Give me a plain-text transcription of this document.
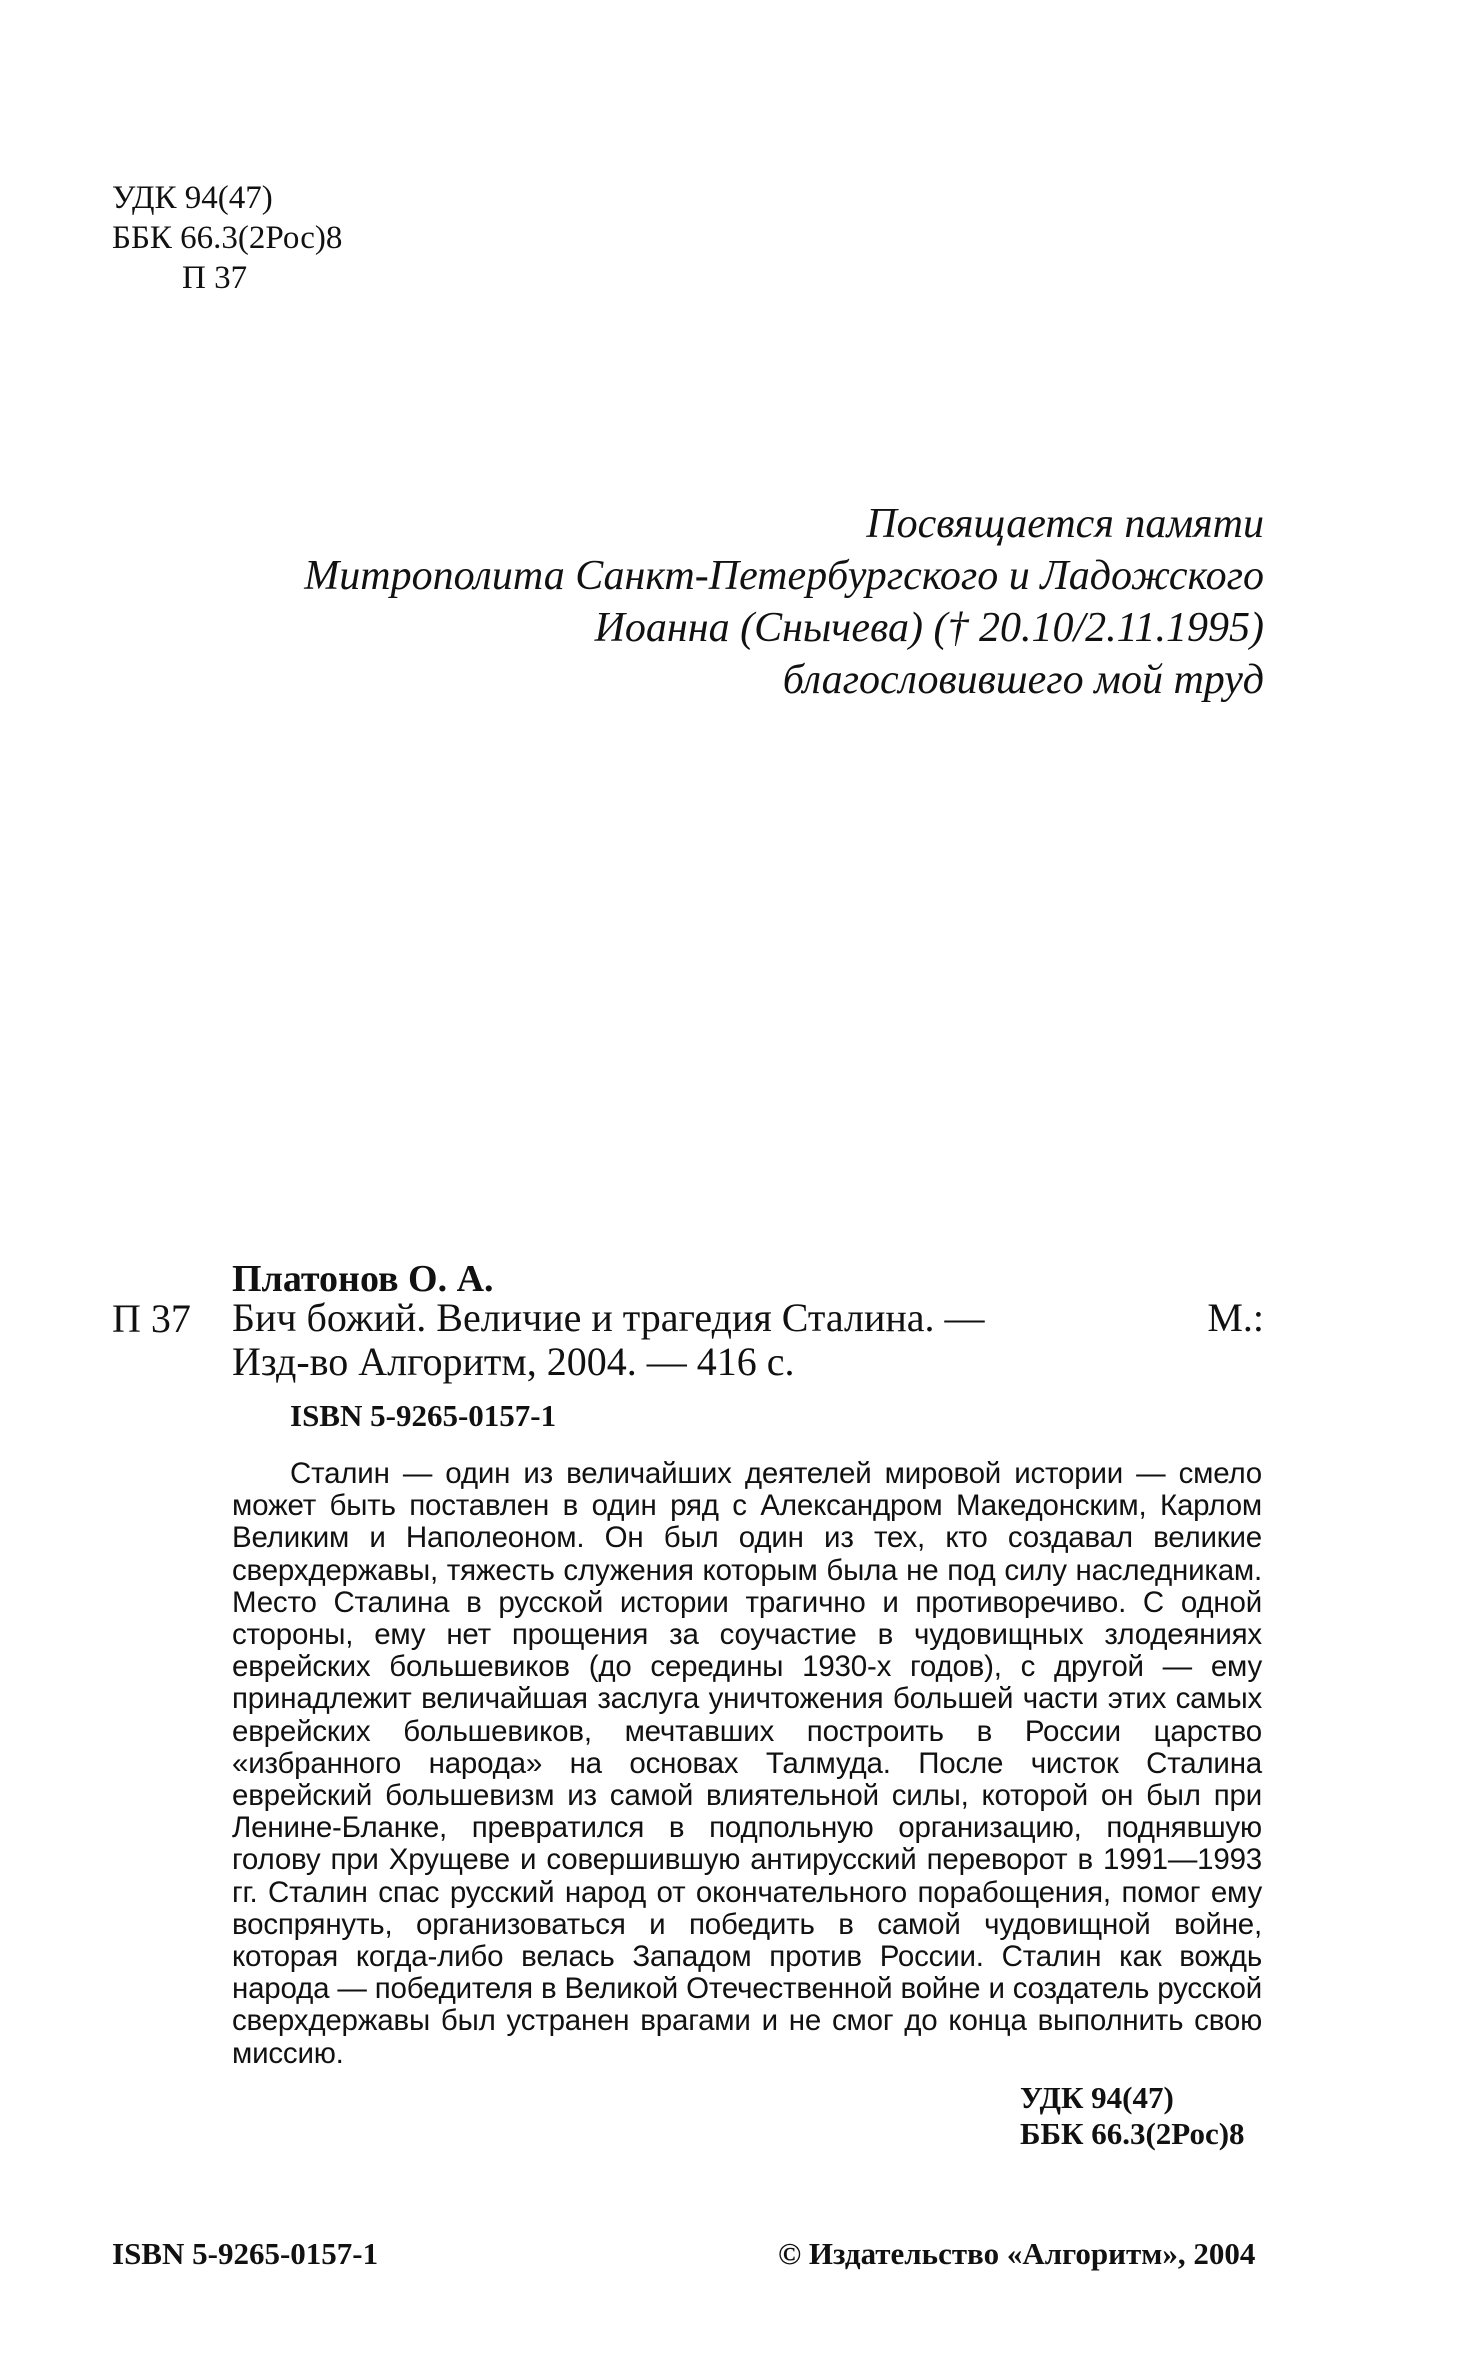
УДК 94(47)
ББК 66.3(2Рос)8
П 37
Посвящается памяти
Митрополита Санкт-Петербургского и Ладожского
Иоанна (Снычева) († 20.10/2.11.1995)
благословившего мой труд
Платонов О. А.
П 37 Бич божий. Величие и трагедия Сталина. —	М.:
Изд-во Алгоритм, 2004. — 416 с.
ISBN 5-9265-0157-1
Сталин — один из величайших деятелей мировой истории — смело может быть поставлен в один ряд с Александром Македонским, Карлом Великим и Наполеоном. Он был один из тех, кто создавал великие сверхдержавы, тяжесть служения которым была не под силу наследникам. Место Сталина в русской истории трагично и противоречиво. С одной стороны, ему нет прощения за соучастие в чудовищных злодеяниях еврейских большевиков (до середины 1930-х годов), с другой — ему принадлежит величайшая заслуга уничтожения большей части этих самых еврейских большевиков, мечтавших построить в России царство «избранного народа» на основах Талмуда. После чисток Сталина еврейский большевизм из самой влиятельной силы, которой он был при Ленине-Бланке, превратился в подпольную организацию, поднявшую голову при Хрущеве и совершившую антирусский переворот в 1991—1993 гг. Сталин спас русский народ от окончательного порабощения, помог ему воспрянуть, организоваться и победить в самой чудовищной войне, которая когда-либо велась Западом против России. Сталин как вождь народа — победителя в Великой Отечественной войне и создатель русской сверхдержавы был устранен врагами и не смог до конца выполнить свою миссию.
УДК 94(47)
ББК 66.3(2Рос)8
ISBN 5-9265-0157-1	© Издательство «Алгоритм», 2004
